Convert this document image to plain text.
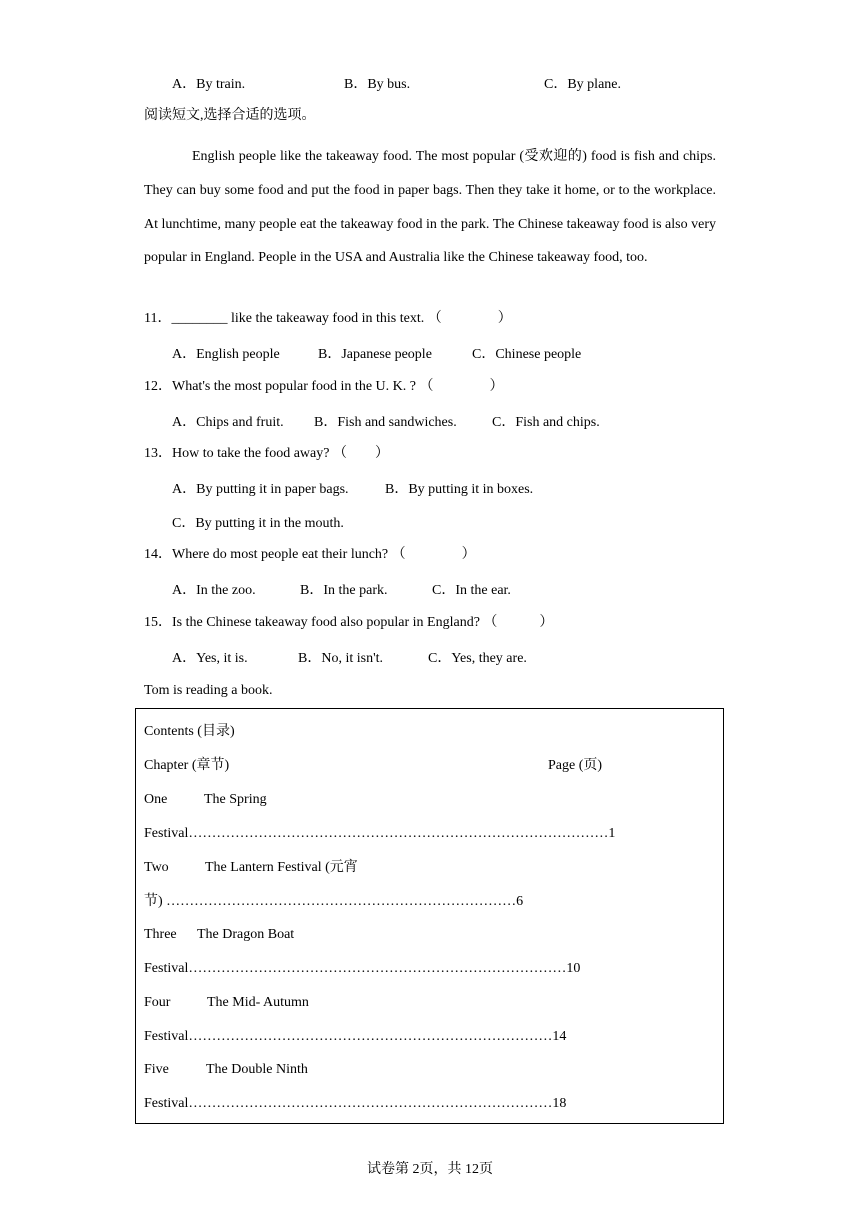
A．By train.	B．By bus.	C．By plane.
阅读短文,选择合适的选项。
English people like the takeaway food. The most popular (受欢迎的) food is fish and chips. They can buy some food and put the food in paper bags. Then they take it home, or to the workplace. At lunchtime, many people eat the takeaway food in the park. The Chinese takeaway food is also very popular in England. People in the USA and Australia like the Chinese takeaway food, too.
11．________ like the takeaway food in this text. （　　　　）
A．English people	B．Japanese people	C．Chinese people
12．What's the most popular food in the U. K. ? （　　　　）
A．Chips and fruit. B．Fish and sandwiches.	C．Fish and chips.
13．How to take the food away? （　　）
A．By putting it in paper bags.	B．By putting it in boxes.
C．By putting it in the mouth.
14．Where do most people eat their lunch? （　　　　）
A．In the zoo.	B．In the park.	C．In the ear.
15．Is the Chinese takeaway food also popular in England? （　　　）
A．Yes, it is.	B．No, it isn't.	C．Yes, they are.
Tom is reading a book.
Contents (目录)
Chapter (章节)	Page (页)
One	The Spring
Festival………………………………………………………………………………1
Two	The Lantern Festival (元宵
节) …………………………………………………………………6
Three The Dragon Boat
Festival………………………………………………………………………10
Four	The Mid- Autumn
Festival……………………………………………………………………14
Five	The Double Ninth
Festival……………………………………………………………………18
试卷第 2页，共 12页
